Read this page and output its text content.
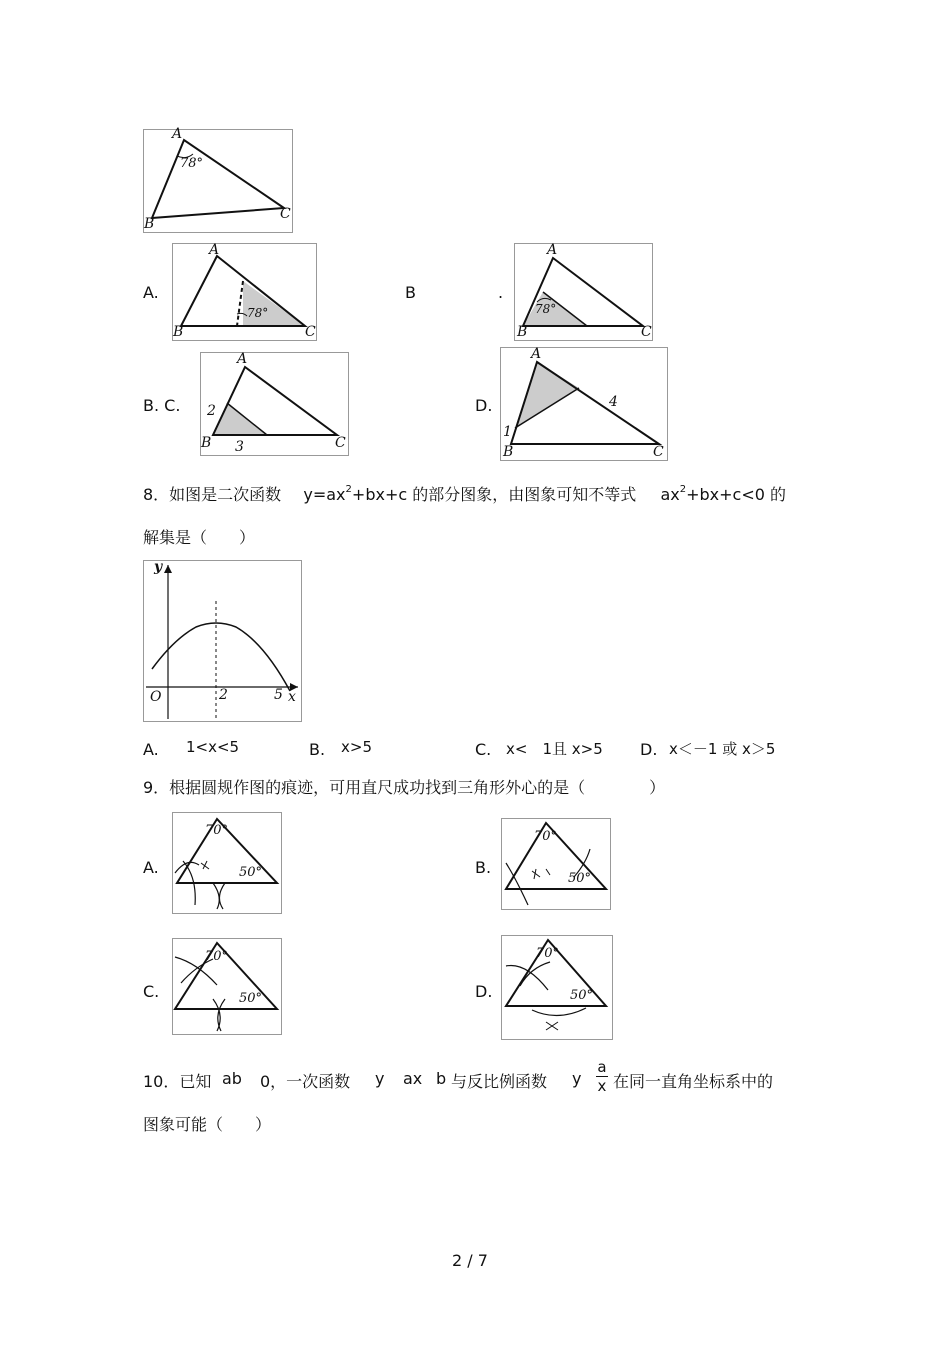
A
78°
B
C
A.
A
78°
B	C
B	.
A
78°
B	C
B. C.
A
2
3
B	C
D.
A
1
4
B	C
8．如图是二次函数 $y=ax^2+bx+c$ 的部分图象，由图象可知不等式 $ax^2+bx+c<0$ 的
解集是（　　）
y
O	2	5 x
A. 1<x<5	B. x>5	C. x<　1且 x>5 D. x＜－1 或 x＞5
9．根据圆规作图的痕迹，可用直尺成功找到三角形外心的是（　　　　）
A.
70°
50°	B.
70°
50°
C.
70°
50°	D.
70°
50°
10．已知 ab 0，一次函数 y ax b 与反比例函数 y
a
x 在同一直角坐标系中的
图象可能（　　）
2 / 7
